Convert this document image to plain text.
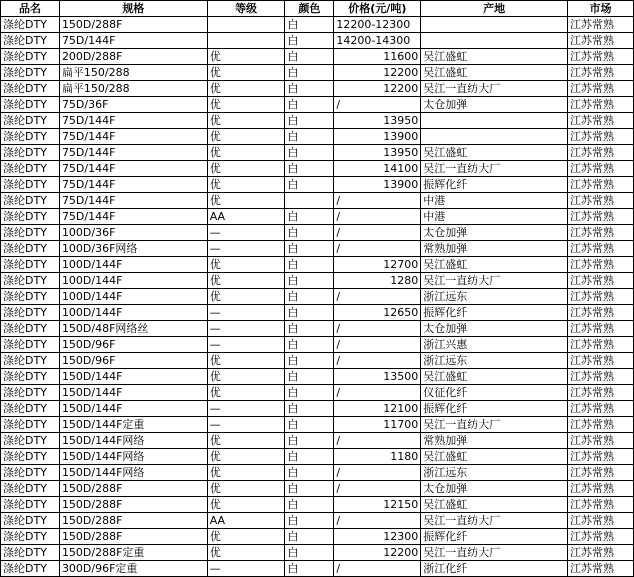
品名	规格	等级	颜色	价格(元/吨)	产地	市场
涤纶DTY	150D/288F		白	12200-12300		江苏常熟
涤纶DTY	75D/144F		白	14200-14300		江苏常熟
涤纶DTY	200D/288F	优	白	11600	吴江盛虹	江苏常熟
涤纶DTY	扁平150/288	优	白	12200	吴江盛虹	江苏常熟
涤纶DTY	扁平150/288	优	白	12200	吴江一直纺大厂	江苏常熟
涤纶DTY	75D/36F	优	白	/	太仓加弹	江苏常熟
涤纶DTY	75D/144F	优	白	13950		江苏常熟
涤纶DTY	75D/144F	优	白	13900		江苏常熟
涤纶DTY	75D/144F	优	白	13950	吴江盛虹	江苏常熟
涤纶DTY	75D/144F	优	白	14100	吴江一直纺大厂	江苏常熟
涤纶DTY	75D/144F	优	白	13900	振辉化纤	江苏常熟
涤纶DTY	75D/144F	优		/	中港	江苏常熟
涤纶DTY	75D/144F	AA	白	/	中港	江苏常熟
涤纶DTY	100D/36F	—	白	/	太仓加弹	江苏常熟
涤纶DTY	100D/36F网络	—	白	/	常熟加弹	江苏常熟
涤纶DTY	100D/144F	优	白	12700	吴江盛虹	江苏常熟
涤纶DTY	100D/144F	优	白	1280	吴江一直纺大厂	江苏常熟
涤纶DTY	100D/144F	优	白	/	浙江远东	江苏常熟
涤纶DTY	100D/144F	—	白	12650	振辉化纤	江苏常熟
涤纶DTY	150D/48F网络丝	—	白	/	太仓加弹	江苏常熟
涤纶DTY	150D/96F	—	白	/	浙江兴惠	江苏常熟
涤纶DTY	150D/96F	优	白	/	浙江远东	江苏常熟
涤纶DTY	150D/144F	优	白	13500	吴江盛虹	江苏常熟
涤纶DTY	150D/144F	优	白	/	仪征化纤	江苏常熟
涤纶DTY	150D/144F	—	白	12100	振辉化纤	江苏常熟
涤纶DTY	150D/144F定重	—	白	11700	吴江一直纺大厂	江苏常熟
涤纶DTY	150D/144F网络	优	白	/	常熟加弹	江苏常熟
涤纶DTY	150D/144F网络	优	白	1180	吴江盛虹	江苏常熟
涤纶DTY	150D/144F网络	优	白	/	浙江远东	江苏常熟
涤纶DTY	150D/288F	优	白	/	太仓加弹	江苏常熟
涤纶DTY	150D/288F	优	白	12150	吴江盛虹	江苏常熟
涤纶DTY	150D/288F	AA	白	/	吴江一直纺大厂	江苏常熟
涤纶DTY	150D/288F	优	白	12300	振辉化纤	江苏常熟
涤纶DTY	150D/288F定重	优	白	12200	吴江一直纺大厂	江苏常熟
涤纶DTY	300D/96F定重	—	白	/	浙江化纤	江苏常熟
